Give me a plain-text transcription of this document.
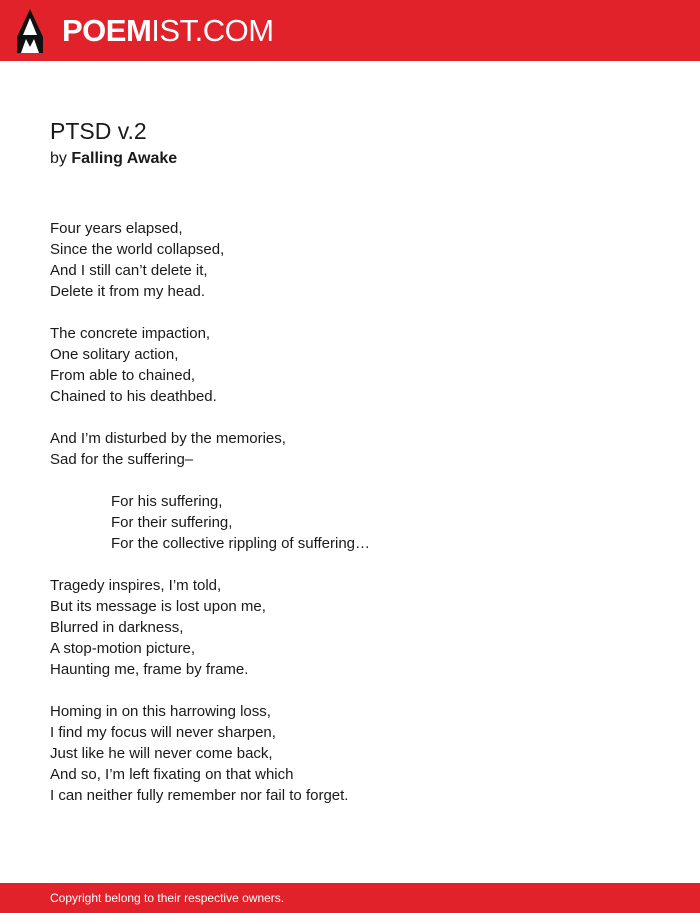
POEMIST.COM
PTSD v.2
by Falling Awake
Four years elapsed,
Since the world collapsed,
And I still can’t delete it,
Delete it from my head.
The concrete impaction,
One solitary action,
From able to chained,
Chained to his deathbed.
And I’m disturbed by the memories,
Sad for the suffering–
For his suffering,
For their suffering,
For the collective rippling of suffering…
Tragedy inspires, I’m told,
But its message is lost upon me,
Blurred in darkness,
A stop-motion picture,
Haunting me, frame by frame.
Homing in on this harrowing loss,
I find my focus will never sharpen,
Just like he will never come back,
And so, I’m left fixating on that which
I can neither fully remember nor fail to forget.
Copyright belong to their respective owners.
